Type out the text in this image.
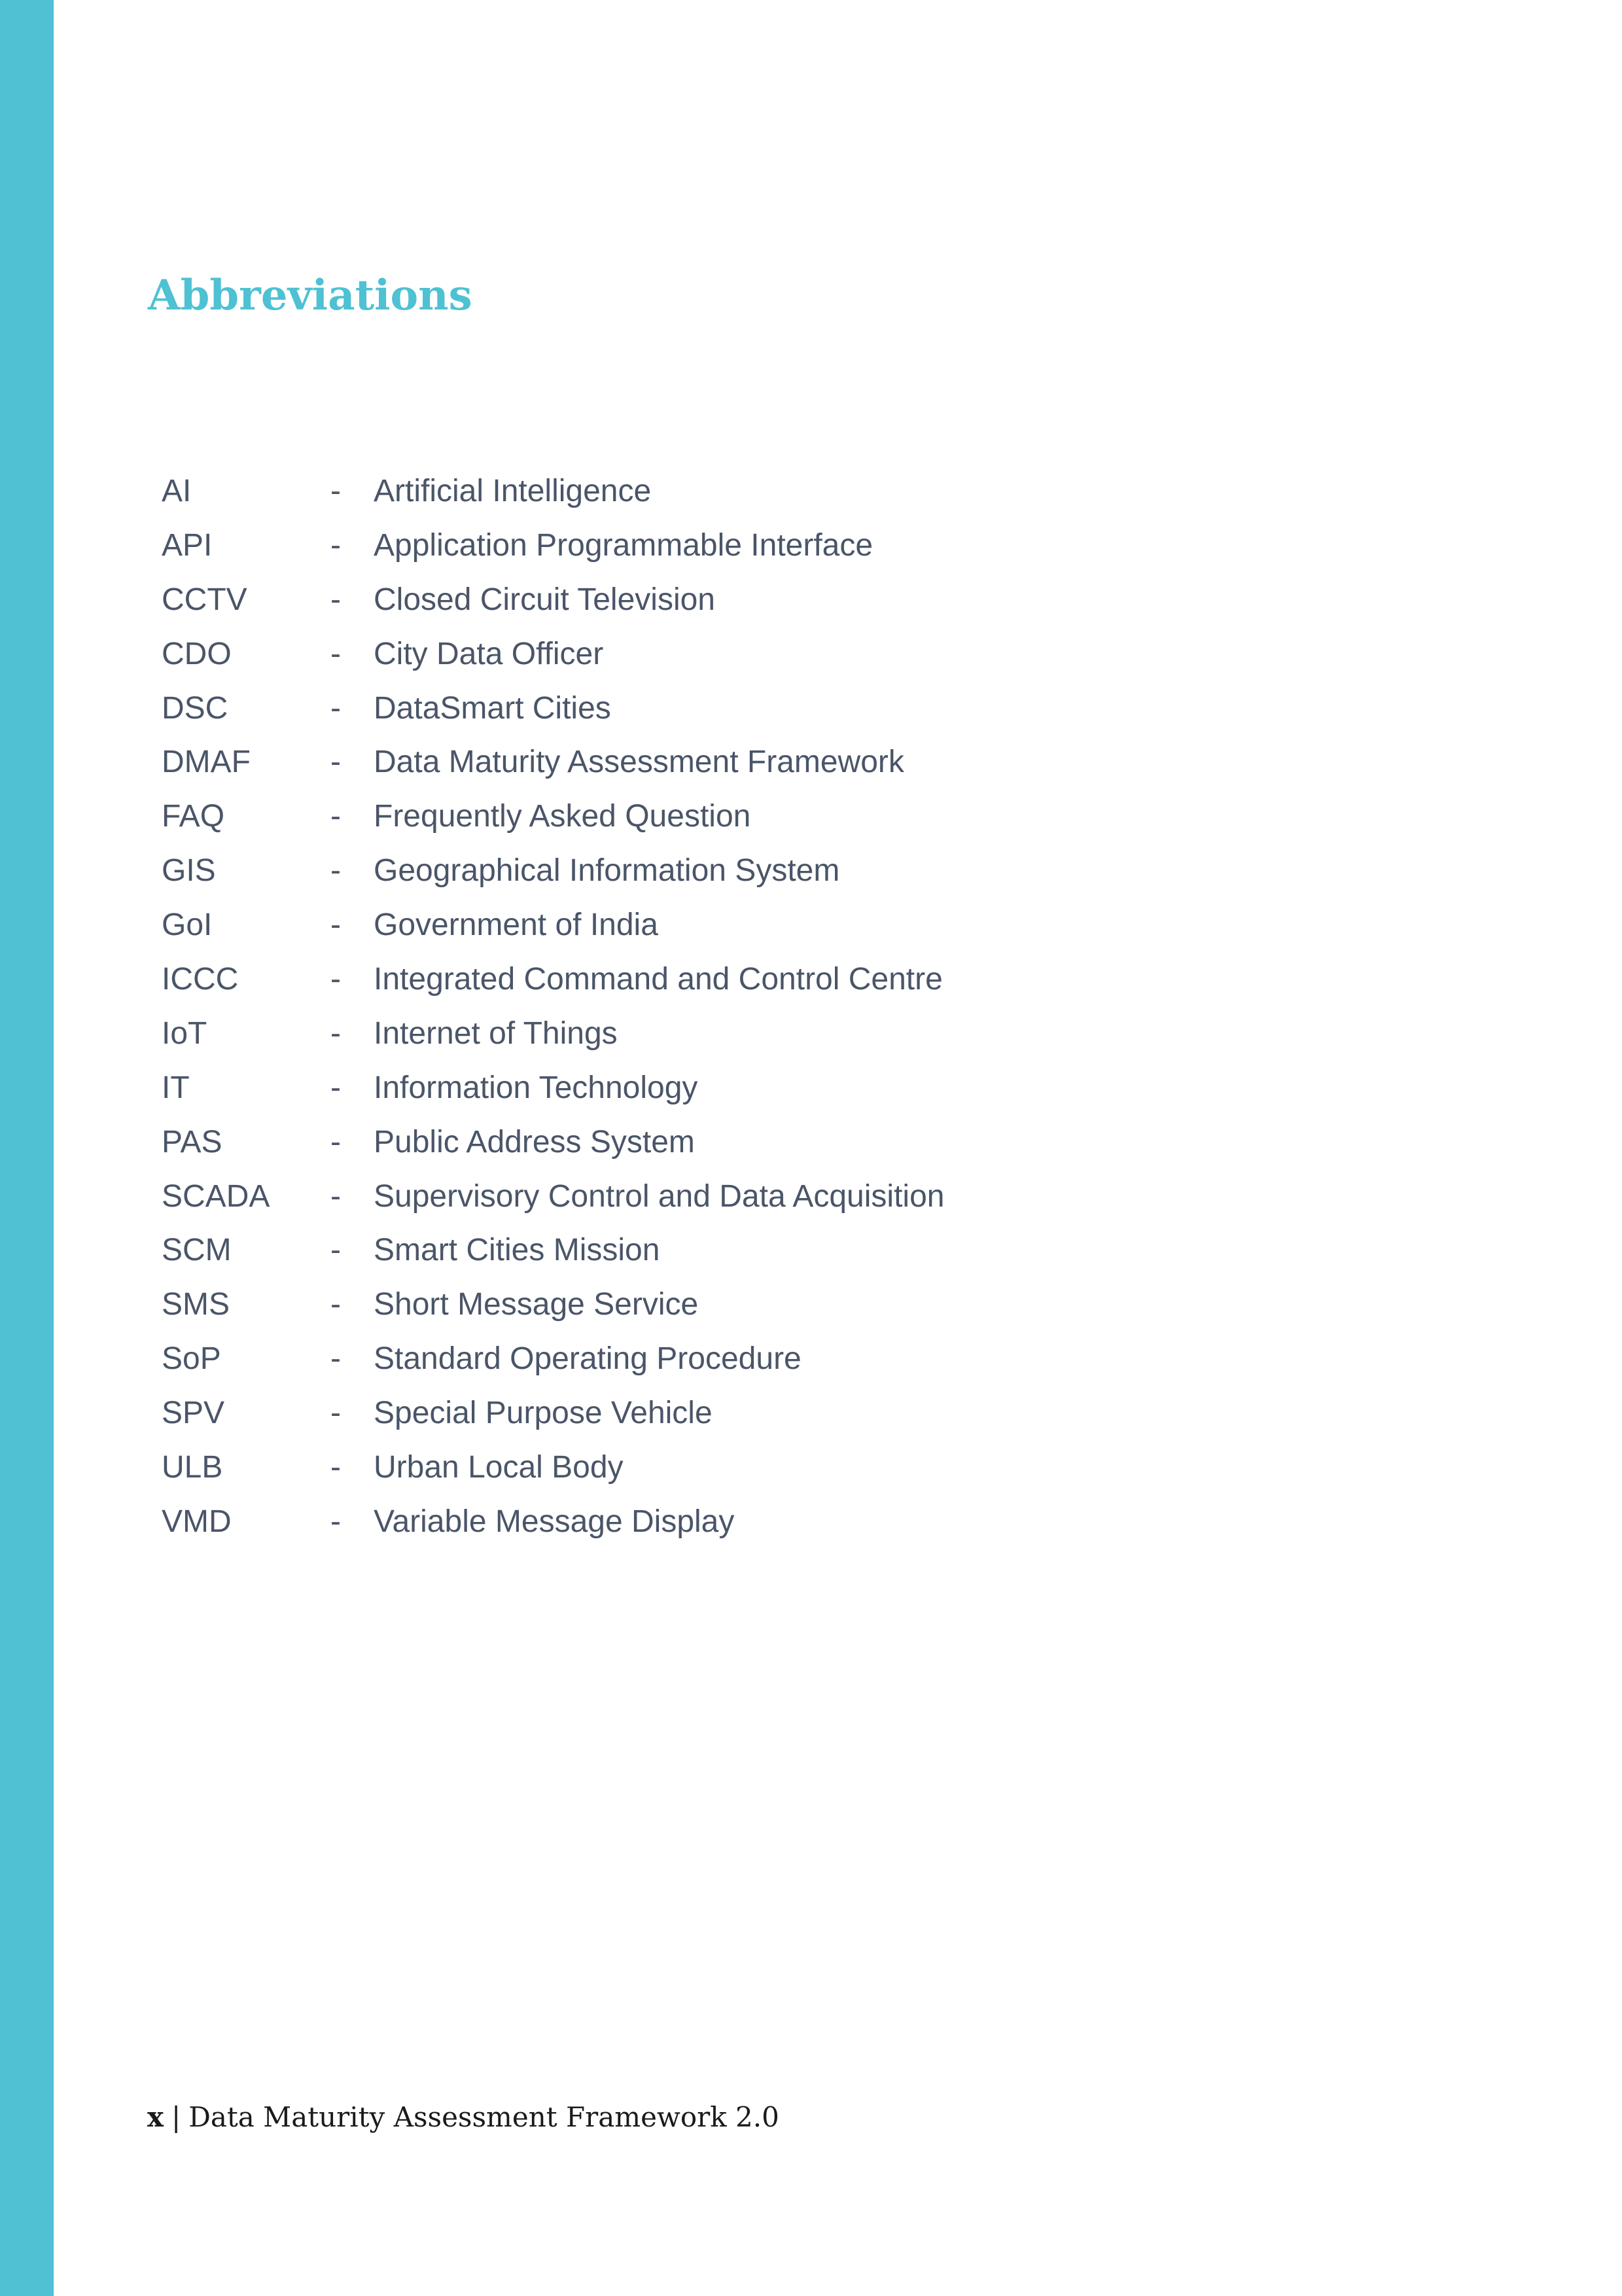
Abbreviations
AI	- Artificial Intelligence
API	- Application Programmable Interface
CCTV	- Closed Circuit Television
CDO	- City Data Officer
DSC	- DataSmart Cities
DMAF	- Data Maturity Assessment Framework
FAQ	- Frequently Asked Question
GIS	- Geographical Information System
GoI	- Government of India
ICCC	- Integrated Command and Control Centre
IoT	- Internet of Things
IT	- Information Technology
PAS	- Public Address System
SCADA - Supervisory Control and Data Acquisition
SCM	- Smart Cities Mission
SMS	- Short Message Service
SoP	- Standard Operating Procedure
SPV	- Special Purpose Vehicle
ULB	- Urban Local Body
VMD	- Variable Message Display
x | Data Maturity Assessment Framework 2.0
